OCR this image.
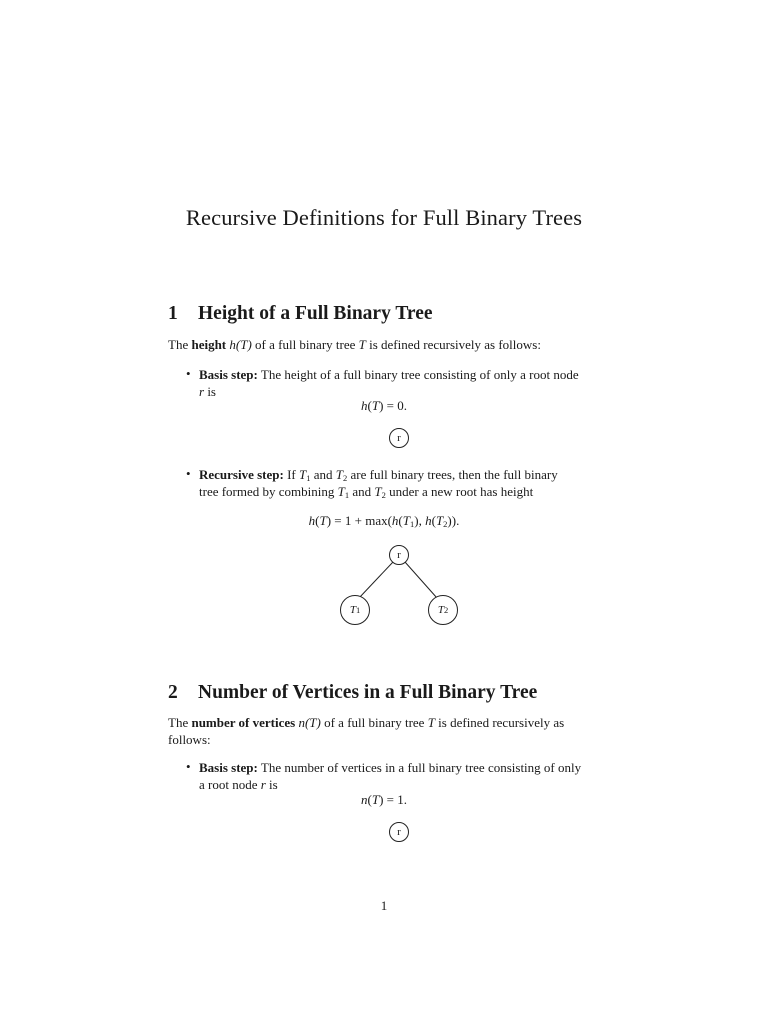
Recursive Definitions for Full Binary Trees
1 Height of a Full Binary Tree
The height h(T) of a full binary tree T is defined recursively as follows:
• Basis step: The height of a full binary tree consisting of only a root node
r is
h(T) = 0.
r
• Recursive step: If $T_1$ and $T_2$ are full binary trees, then the full binary
tree formed by combining $T_1$ and $T_2$ under a new root has height
$h(T) = 1 + \max(h(T_1)$, $h(T_2)$).
r
T 1	T 2
2 Number of Vertices in a Full Binary Tree
The number of vertices n(T) of a full binary tree T is defined recursively as
follows:
• Basis step: The number of vertices in a full binary tree consisting of only
a root node r is
n(T) = 1.
r
1
